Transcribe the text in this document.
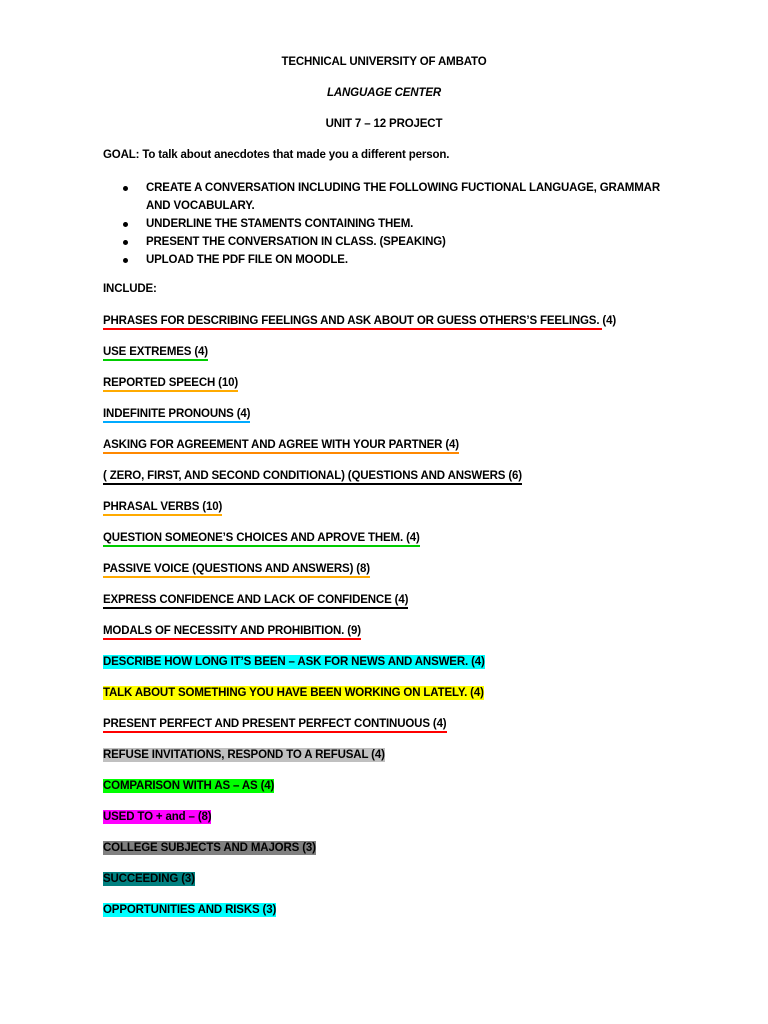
TECHNICAL UNIVERSITY OF AMBATO
LANGUAGE CENTER
UNIT 7 – 12 PROJECT
GOAL: To talk about anecdotes that made you a different person.
CREATE A CONVERSATION INCLUDING THE FOLLOWING FUCTIONAL LANGUAGE, GRAMMAR AND VOCABULARY.
UNDERLINE THE STAMENTS CONTAINING THEM.
PRESENT THE CONVERSATION IN CLASS. (SPEAKING)
UPLOAD THE PDF FILE ON MOODLE.
INCLUDE:
PHRASES FOR DESCRIBING FEELINGS AND ASK ABOUT OR GUESS OTHERS’S FEELINGS. (4)
USE EXTREMES (4)
REPORTED SPEECH (10)
INDEFINITE PRONOUNS (4)
ASKING FOR AGREEMENT AND AGREE WITH YOUR PARTNER (4)
( ZERO, FIRST, AND SECOND CONDITIONAL) (QUESTIONS AND ANSWERS (6)
PHRASAL VERBS (10)
QUESTION SOMEONE’S CHOICES AND APROVE THEM. (4)
PASSIVE VOICE (QUESTIONS AND ANSWERS) (8)
EXPRESS CONFIDENCE AND LACK OF CONFIDENCE (4)
MODALS OF NECESSITY AND PROHIBITION. (9)
DESCRIBE HOW LONG IT’S BEEN – ASK FOR NEWS AND ANSWER. (4)
TALK ABOUT SOMETHING YOU HAVE BEEN WORKING ON LATELY. (4)
PRESENT PERFECT AND PRESENT PERFECT CONTINUOUS (4)
REFUSE INVITATIONS, RESPOND TO A REFUSAL (4)
COMPARISON WITH AS – AS (4)
USED TO + and – (8)
COLLEGE SUBJECTS AND MAJORS (3)
SUCCEEDING (3)
OPPORTUNITIES AND RISKS (3)
